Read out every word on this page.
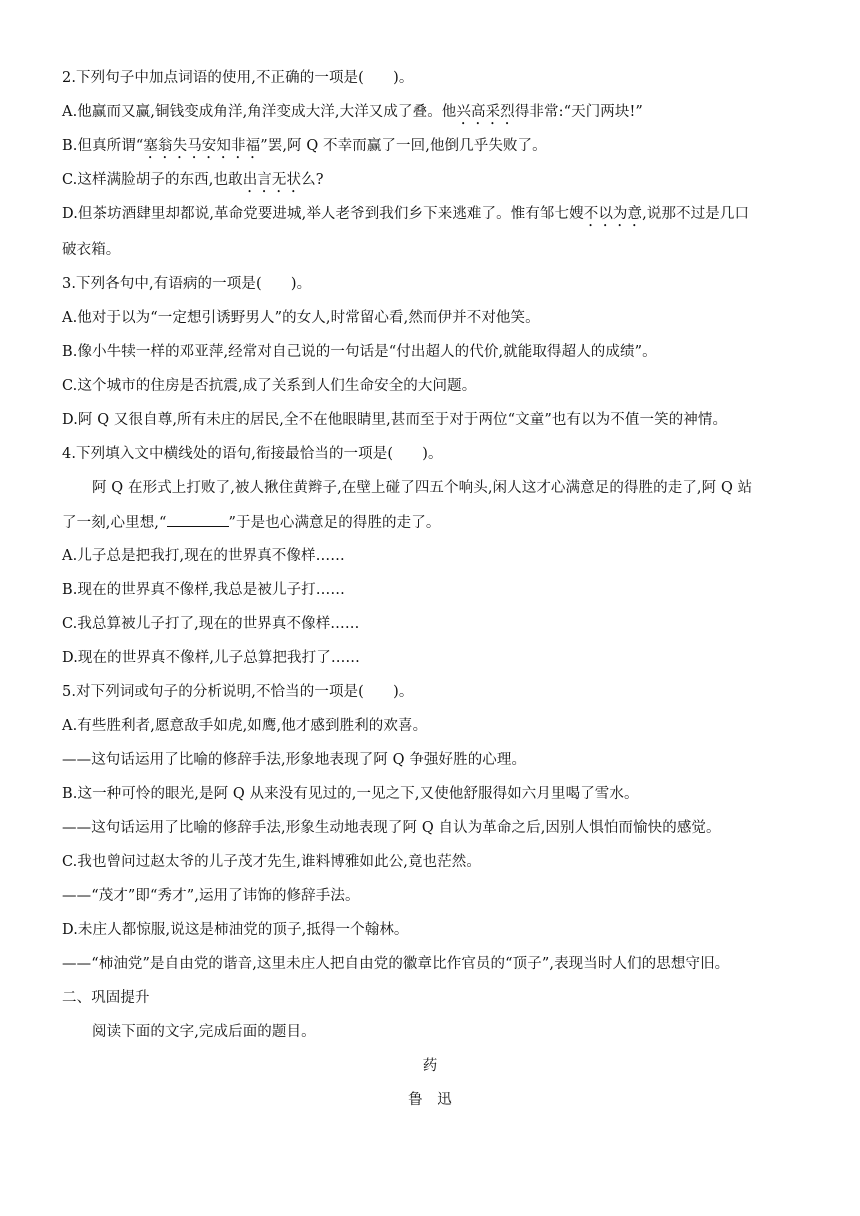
2.下列句子中加点词语的使用,不正确的一项是(　　)。
A.他赢而又赢,铜钱变成角洋,角洋变成大洋,大洋又成了叠。他兴高采烈得非常:“天门两块!”
B.但真所谓“塞翁失马安知非福”罢,阿 Q 不幸而赢了一回,他倒几乎失败了。
C.这样满脸胡子的东西,也敢出言无状么?
D.但茶坊酒肆里却都说,革命党要进城,举人老爷到我们乡下来逃难了。惟有邹七嫂不以为意,说那不过是几口
破衣箱。
3.下列各句中,有语病的一项是(　　)。
A.他对于以为“一定想引诱野男人”的女人,时常留心看,然而伊并不对他笑。
B.像小牛犊一样的邓亚萍,经常对自己说的一句话是“付出超人的代价,就能取得超人的成绩”。
C.这个城市的住房是否抗震,成了关系到人们生命安全的大问题。
D.阿 Q 又很自尊,所有未庄的居民,全不在他眼睛里,甚而至于对于两位“文童”也有以为不值一笑的神情。
4.下列填入文中横线处的语句,衔接最恰当的一项是(　　)。
阿 Q 在形式上打败了,被人揪住黄辫子,在壁上碰了四五个响头,闲人这才心满意足的得胜的走了,阿 Q 站
了一刻,心里想,“	”于是也心满意足的得胜的走了。
A.儿子总是把我打,现在的世界真不像样……
B.现在的世界真不像样,我总是被儿子打……
C.我总算被儿子打了,现在的世界真不像样……
D.现在的世界真不像样,儿子总算把我打了……
5.对下列词或句子的分析说明,不恰当的一项是(　　)。
A.有些胜利者,愿意敌手如虎,如鹰,他才感到胜利的欢喜。
——这句话运用了比喻的修辞手法,形象地表现了阿 Q 争强好胜的心理。
B.这一种可怜的眼光,是阿 Q 从来没有见过的,一见之下,又使他舒服得如六月里喝了雪水。
——这句话运用了比喻的修辞手法,形象生动地表现了阿 Q 自认为革命之后,因别人惧怕而愉快的感觉。
C.我也曾问过赵太爷的儿子茂才先生,谁料博雅如此公,竟也茫然。
——“茂才”即“秀才”,运用了讳饰的修辞手法。
D.未庄人都惊服,说这是柿油党的顶子,抵得一个翰林。
——“柿油党”是自由党的谐音,这里未庄人把自由党的徽章比作官员的“顶子”,表现当时人们的思想守旧。
二、巩固提升
阅读下面的文字,完成后面的题目。
药
鲁　迅
